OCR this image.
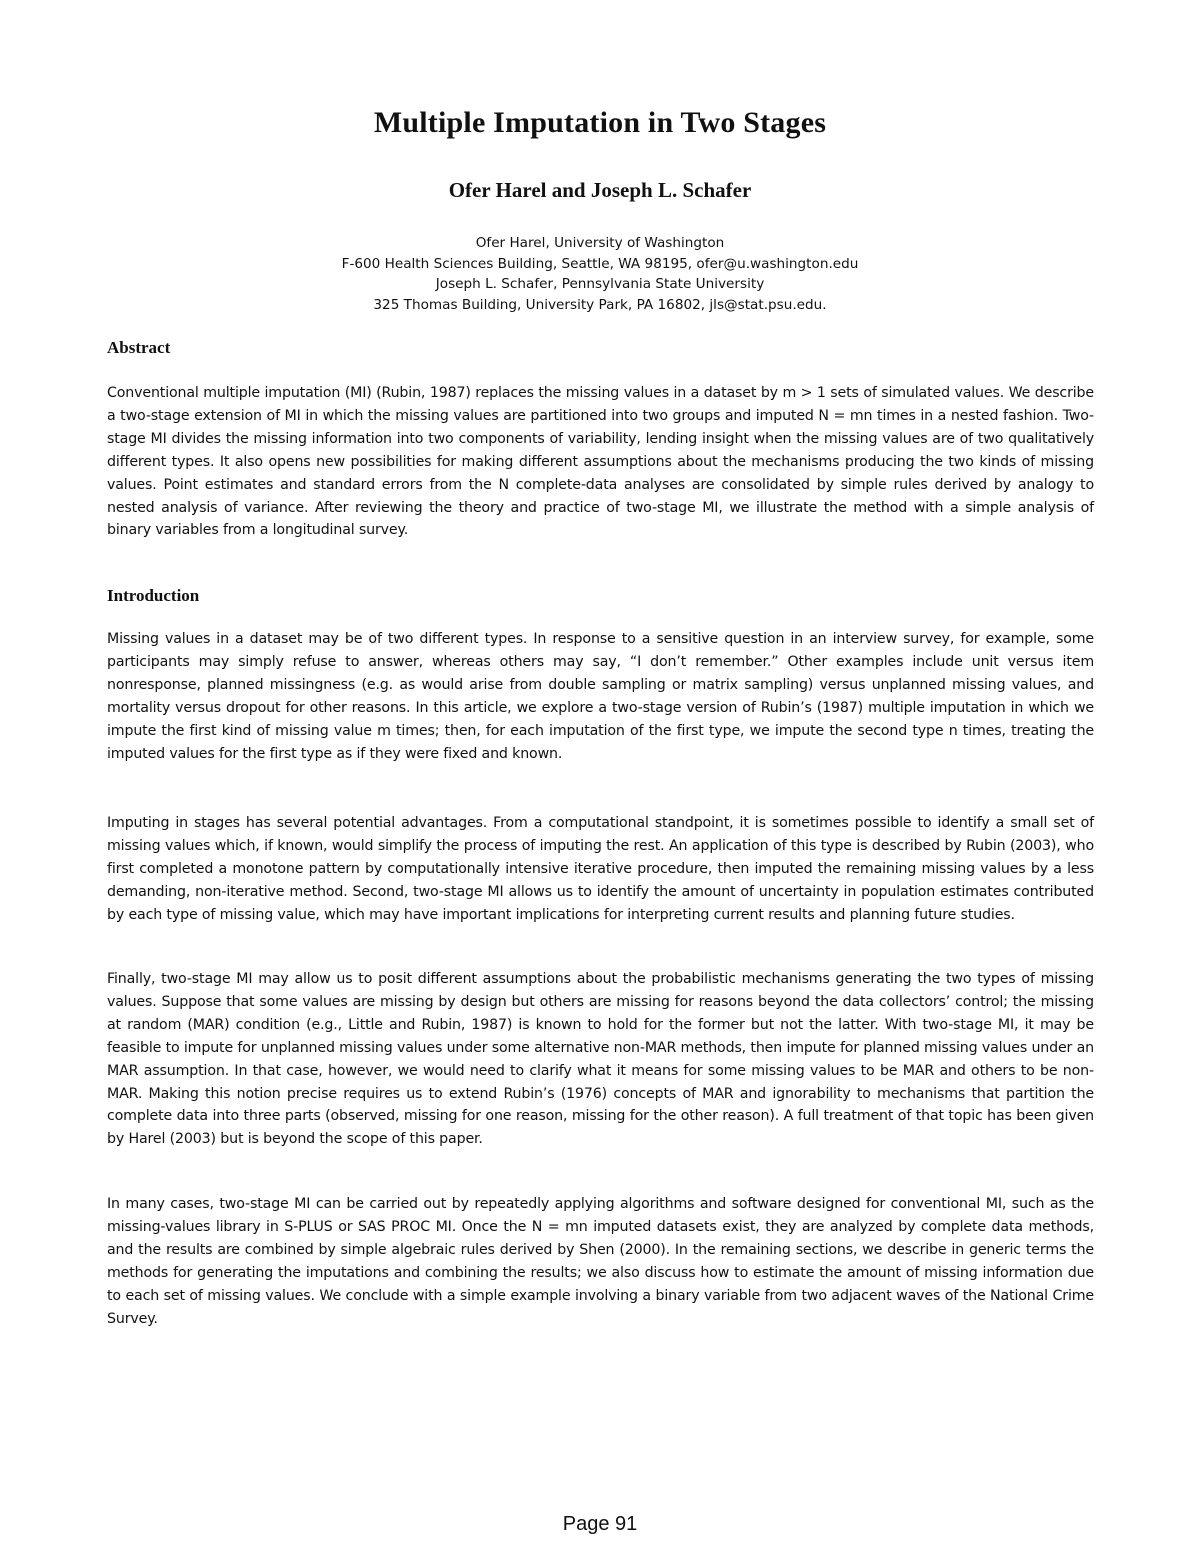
Multiple Imputation in Two Stages
Ofer Harel and Joseph L. Schafer
Ofer Harel, University of Washington
F-600 Health Sciences Building, Seattle, WA 98195, ofer@u.washington.edu
Joseph L. Schafer, Pennsylvania State University
325 Thomas Building, University Park, PA 16802, jls@stat.psu.edu.
Abstract
Conventional multiple imputation (MI) (Rubin, 1987) replaces the missing values in a dataset by m > 1 sets of simulated values. We describe a two-stage extension of MI in which the missing values are partitioned into two groups and imputed N = mn times in a nested fashion. Two-stage MI divides the missing information into two components of variability, lending insight when the missing values are of two qualitatively different types. It also opens new possibilities for making different assumptions about the mechanisms producing the two kinds of missing values. Point estimates and standard errors from the N complete-data analyses are consolidated by simple rules derived by analogy to nested analysis of variance. After reviewing the theory and practice of two-stage MI, we illustrate the method with a simple analysis of binary variables from a longitudinal survey.
Introduction
Missing values in a dataset may be of two different types. In response to a sensitive question in an interview survey, for example, some participants may simply refuse to answer, whereas others may say, “I don’t remember.” Other examples include unit versus item nonresponse, planned missingness (e.g. as would arise from double sampling or matrix sampling) versus unplanned missing values, and mortality versus dropout for other reasons. In this article, we explore a two-stage version of Rubin’s (1987) multiple imputation in which we impute the first kind of missing value m times; then, for each imputation of the first type, we impute the second type n times, treating the imputed values for the first type as if they were fixed and known.
Imputing in stages has several potential advantages. From a computational standpoint, it is sometimes possible to identify a small set of missing values which, if known, would simplify the process of imputing the rest. An application of this type is described by Rubin (2003), who first completed a monotone pattern by computationally intensive iterative procedure, then imputed the remaining missing values by a less demanding, non-iterative method. Second, two-stage MI allows us to identify the amount of uncertainty in population estimates contributed by each type of missing value, which may have important implications for interpreting current results and planning future studies.
Finally, two-stage MI may allow us to posit different assumptions about the probabilistic mechanisms generating the two types of missing values. Suppose that some values are missing by design but others are missing for reasons beyond the data collectors’ control; the missing at random (MAR) condition (e.g., Little and Rubin, 1987) is known to hold for the former but not the latter. With two-stage MI, it may be feasible to impute for unplanned missing values under some alternative non-MAR methods, then impute for planned missing values under an MAR assumption. In that case, however, we would need to clarify what it means for some missing values to be MAR and others to be non-MAR. Making this notion precise requires us to extend Rubin’s (1976) concepts of MAR and ignorability to mechanisms that partition the complete data into three parts (observed, missing for one reason, missing for the other reason). A full treatment of that topic has been given by Harel (2003) but is beyond the scope of this paper.
In many cases, two-stage MI can be carried out by repeatedly applying algorithms and software designed for conventional MI, such as the missing-values library in S-PLUS or SAS PROC MI. Once the N = mn imputed datasets exist, they are analyzed by complete data methods, and the results are combined by simple algebraic rules derived by Shen (2000). In the remaining sections, we describe in generic terms the methods for generating the imputations and combining the results; we also discuss how to estimate the amount of missing information due to each set of missing values. We conclude with a simple example involving a binary variable from two adjacent waves of the National Crime Survey.
Page 91
